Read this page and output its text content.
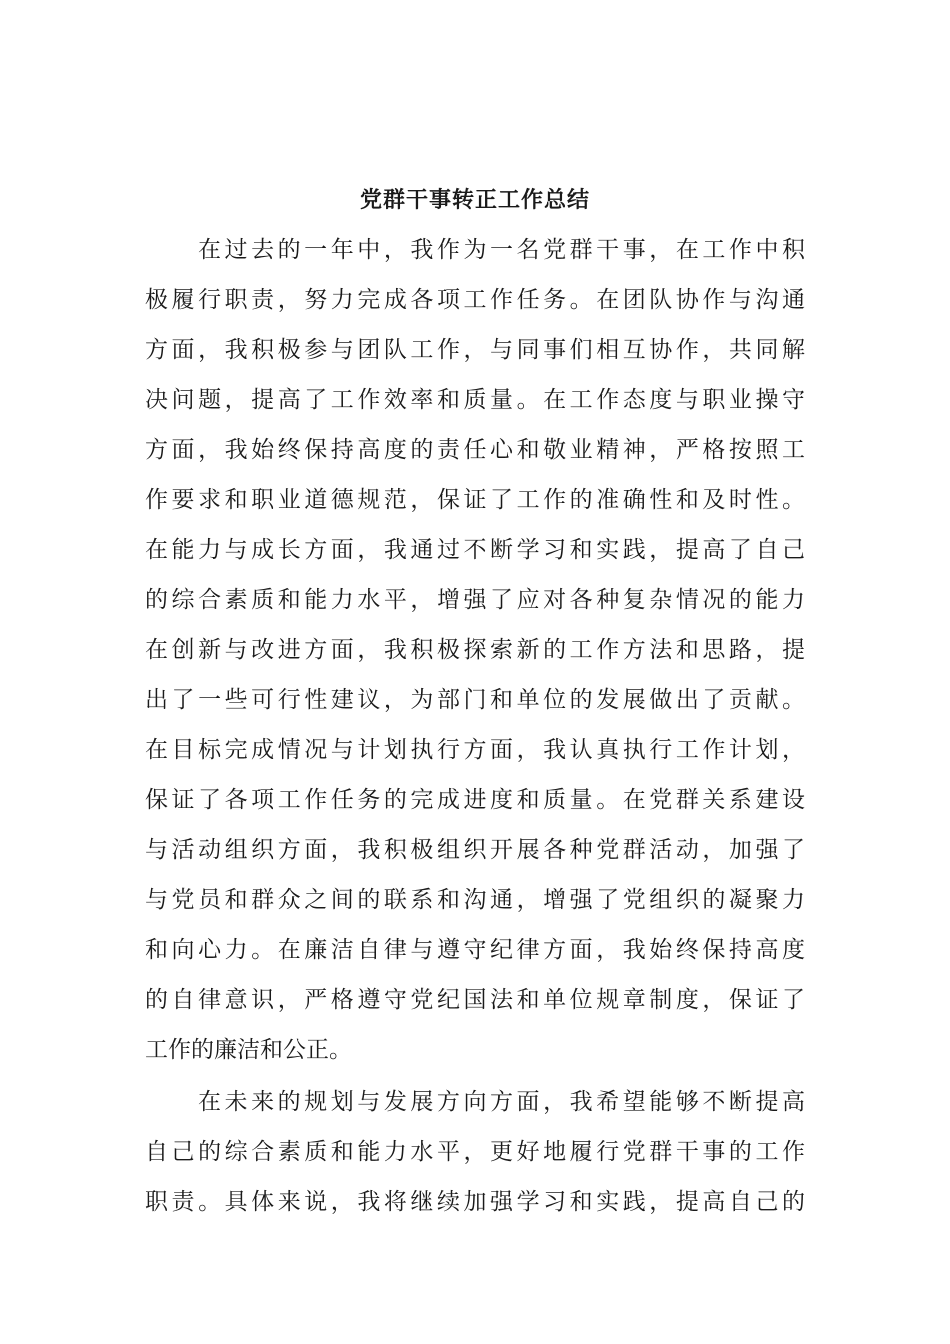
党群干事转正工作总结
在过去的一年中，我作为一名党群干事，在工作中积
极履行职责，努力完成各项工作任务。在团队协作与沟通
方面，我积极参与团队工作，与同事们相互协作，共同解
决问题，提高了工作效率和质量。在工作态度与职业操守
方面，我始终保持高度的责任心和敬业精神，严格按照工
作要求和职业道德规范，保证了工作的准确性和及时性。
在能力与成长方面，我通过不断学习和实践，提高了自己
的综合素质和能力水平，增强了应对各种复杂情况的能力
在创新与改进方面，我积极探索新的工作方法和思路，提
出了一些可行性建议，为部门和单位的发展做出了贡献。
在目标完成情况与计划执行方面，我认真执行工作计划，
保证了各项工作任务的完成进度和质量。在党群关系建设
与活动组织方面，我积极组织开展各种党群活动，加强了
与党员和群众之间的联系和沟通，增强了党组织的凝聚力
和向心力。在廉洁自律与遵守纪律方面，我始终保持高度
的自律意识，严格遵守党纪国法和单位规章制度，保证了
工作的廉洁和公正。
在未来的规划与发展方向方面，我希望能够不断提高
自己的综合素质和能力水平，更好地履行党群干事的工作
职责。具体来说，我将继续加强学习和实践，提高自己的
